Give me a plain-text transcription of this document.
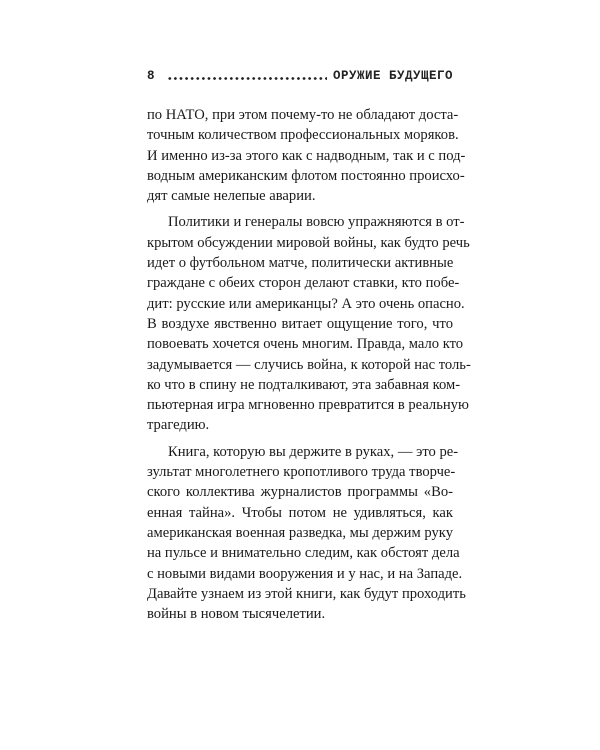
8	ОРУЖИЕ БУДУЩЕГО

по НАТО, при этом почему-то не обладают доста-
точным количеством профессиональных моряков.
И именно из-за этого как с надводным, так и с под-
водным американским флотом постоянно происхо-
дят самые нелепые аварии.

Политики и генералы вовсю упражняются в от-
крытом обсуждении мировой войны, как будто речь
идет о футбольном матче, политически активные
граждане с обеих сторон делают ставки, кто побе-
дит: русские или американцы? А это очень опасно.
В воздухе явственно витает ощущение того, что
повоевать хочется очень многим. Правда, мало кто
задумывается — случись война, к которой нас толь-
ко что в спину не подталкивают, эта забавная ком-
пьютерная игра мгновенно превратится в реальную
трагедию.

Книга, которую вы держите в руках, — это ре-
зультат многолетнего кропотливого труда творче-
ского коллектива журналистов программы «Во-
енная тайна». Чтобы потом не удивляться, как
американская военная разведка, мы держим руку
на пульсе и внимательно следим, как обстоят дела
с новыми видами вооружения и у нас, и на Западе.
Давайте узнаем из этой книги, как будут проходить
войны в новом тысячелетии.
